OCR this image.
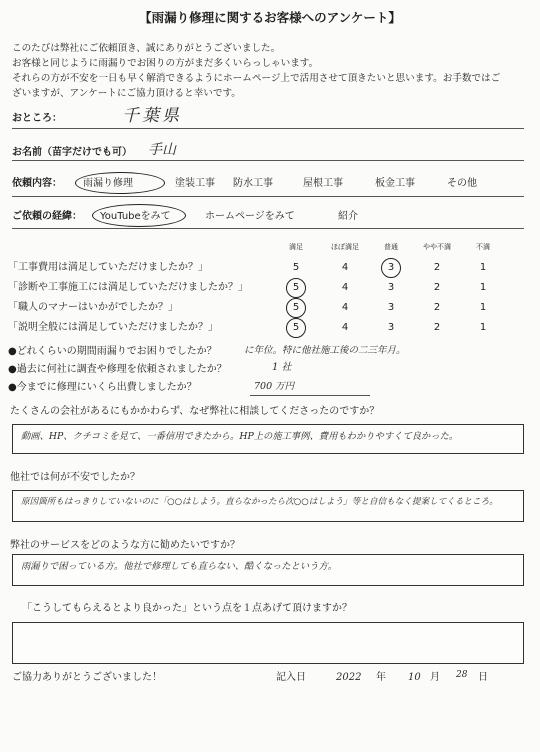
【雨漏り修理に関するお客様へのアンケート】
このたびは弊社にご依頼頂き、誠にありがとうございました。
お客様と同じように雨漏りでお困りの方がまだ多くいらっしゃいます。
それらの方が不安を一日も早く解消できるようにホームページ上で活用させて頂きたいと思います。お手数ではご
ざいますが、アンケートにご協力頂けると幸いです。
おところ：	千葉県
お名前（苗字だけでも可） 手山
依頼内容： 雨漏り修理	塗装工事 防水工事	屋根工事	板金工事	その他
ご依頼の経緯： YouTubeをみて	ホームページをみて	紹介
満足	ほぼ満足	普通	やや不満	不満
●どれくらいの期間雨漏りでお困りでしたか？	に年位。特に他社施工後の二三年月。
●過去に何社に調査や修理を依頼されましたか？	1 社
●今までに修理にいくら出費しましたか？	700 万円
たくさんの会社があるにもかかわらず、なぜ弊社に相談してくださったのですか？
動画、HP、クチコミを見て、一番信用できたから。HP上の施工事例、費用もわかりやすくて良かった。
他社では何が不安でしたか？
原因箇所もはっきりしていないのに「○○はしよう。直らなかったら次○○はしよう」等と自信もなく提案してくるところ。
弊社のサービスをどのような方に勧めたいですか？
雨漏りで困っている方。他社で修理しても直らない、酷くなったという方。
「こうしてもらえるとより良かった」という点を１点あげて頂けますか？
ご協力ありがとうございました！	記入日	2022 年 10 月 28 日
「工事費用は満足していただけましたか？」	5	4	3	2	1
「診断や工事施工には満足していただけましたか？」	5	4	3	2	1
「職人のマナーはいかがでしたか？」	5	4	3	2	1
「説明全般には満足していただけましたか？」	5	4	3	2	1
